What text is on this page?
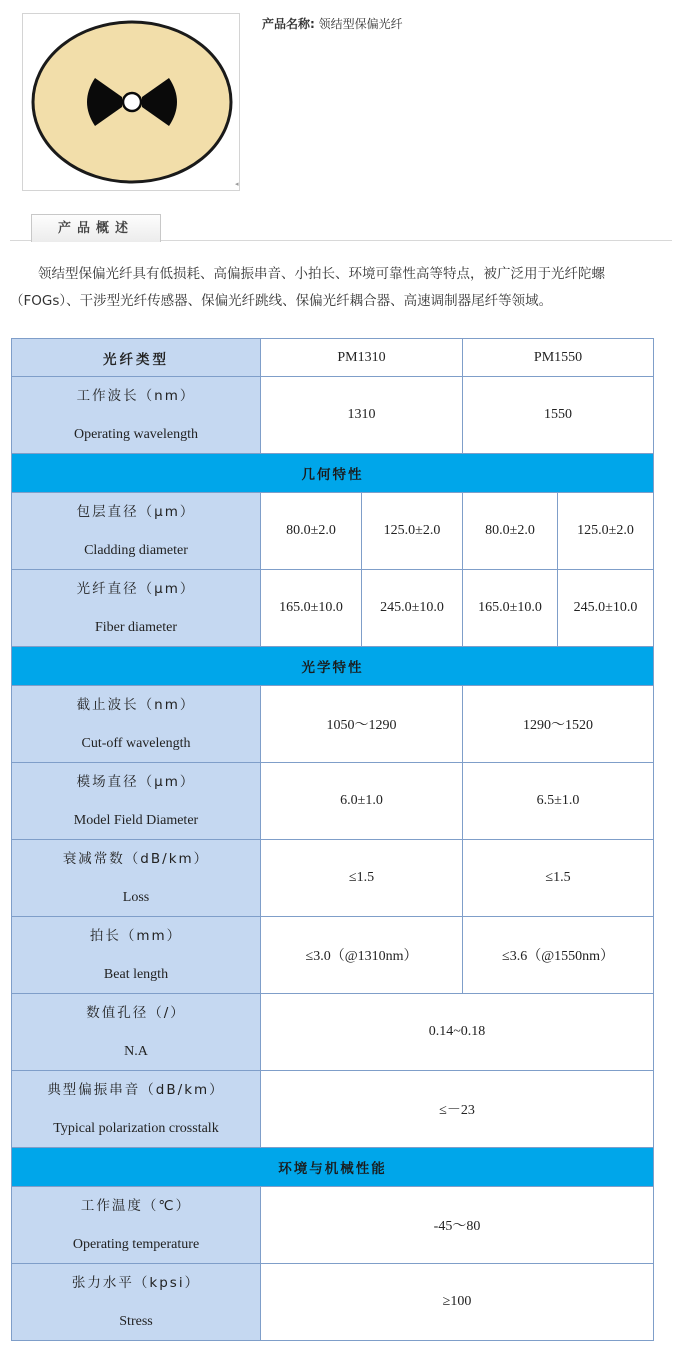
◂
产品名称: 领结型保偏光纤
产品概述

领结型保偏光纤具有低损耗、高偏振串音、小拍长、环境可靠性高等特点，被广泛用于光纤陀螺

（FOGs）、干涉型光纤传感器、保偏光纤跳线、保偏光纤耦合器、高速调制器尾纤等领域。

光纤类型	PM1310		PM1550	

工作波长（nm）
Operating wavelength	1310		1550	
几何特性				

包层直径（μm）
Cladding diameter	80.0±2.0	125.0±2.0	80.0±2.0	125.0±2.0

光纤直径（μm）
Fiber diameter	165.0±10.0	245.0±10.0	165.0±10.0	245.0±10.0
光学特性				

截止波长（nm）
Cut-off wavelength	1050～1290		1290～1520	

模场直径（μm）
Model Field Diameter	6.0±1.0		6.5±1.0	

衰减常数（dB/km）
Loss	≤1.5		≤1.5	

拍长（mm）
Beat length	≤3.0（@1310nm）		≤3.6（@1550nm）	

数值孔径（/）
N.A	0.14~0.18			

典型偏振串音（dB/km）
Typical polarization crosstalk	≤－23			
环境与机械性能				

工作温度（℃）
Operating temperature	-45～80			

张力水平（kpsi）
Stress	≥100			
